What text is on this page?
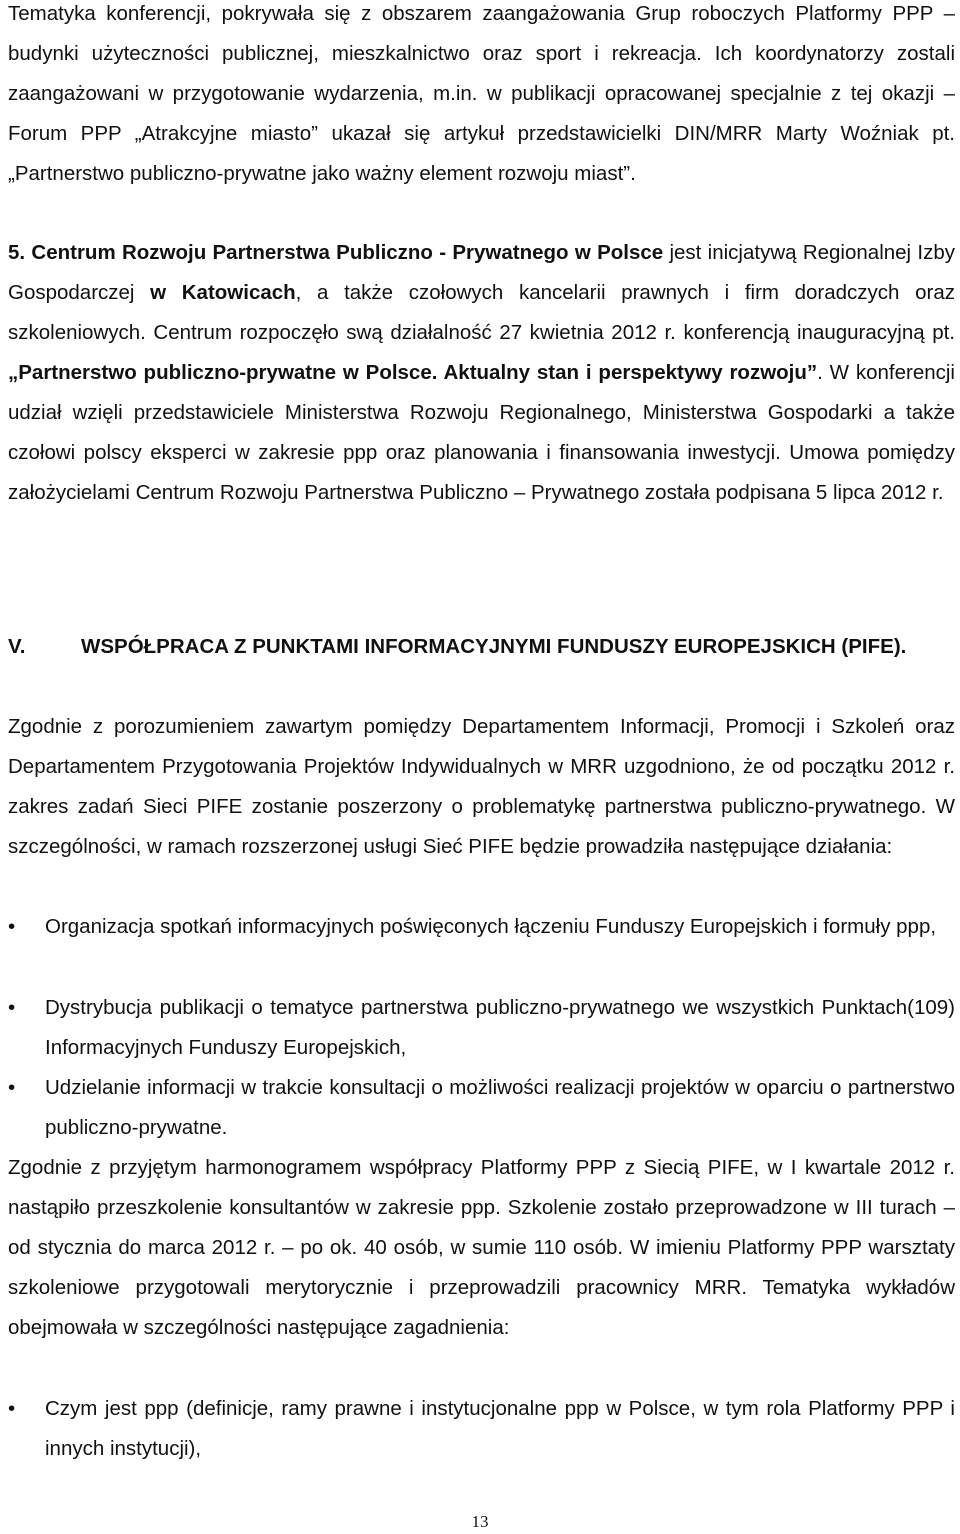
Tematyka konferencji, pokrywała się z obszarem zaangażowania Grup roboczych Platformy PPP – budynki użyteczności publicznej, mieszkalnictwo oraz sport i rekreacja. Ich koordynatorzy zostali zaangażowani w przygotowanie wydarzenia, m.in. w publikacji opracowanej specjalnie z tej okazji – Forum PPP „Atrakcyjne miasto” ukazał się artykuł przedstawicielki DIN/MRR Marty Woźniak pt. „Partnerstwo publiczno-prywatne jako ważny element rozwoju miast”.

5. Centrum Rozwoju Partnerstwa Publiczno - Prywatnego w Polsce jest inicjatywą Regionalnej Izby Gospodarczej w Katowicach, a także czołowych kancelarii prawnych i firm doradczych oraz szkoleniowych. Centrum rozpoczęło swą działalność 27 kwietnia 2012 r. konferencją inauguracyjną pt. „Partnerstwo publiczno-prywatne w Polsce. Aktualny stan i perspektywy rozwoju”. W konferencji udział wzięli przedstawiciele Ministerstwa Rozwoju Regionalnego, Ministerstwa Gospodarki a także czołowi polscy eksperci w zakresie ppp oraz planowania i finansowania inwestycji. Umowa pomiędzy założycielami Centrum Rozwoju Partnerstwa Publiczno – Prywatnego została podpisana 5 lipca 2012 r.

V.	WSPÓŁPRACA Z PUNKTAMI INFORMACYJNYMI FUNDUSZY EUROPEJSKICH (PIFE).

Zgodnie z porozumieniem zawartym pomiędzy Departamentem Informacji, Promocji i Szkoleń oraz Departamentem Przygotowania Projektów Indywidualnych w MRR uzgodniono, że od początku 2012 r. zakres zadań Sieci PIFE zostanie poszerzony o problematykę partnerstwa publiczno-prywatnego. W szczególności, w ramach rozszerzonej usługi Sieć PIFE będzie prowadziła następujące działania:

• Organizacja spotkań informacyjnych poświęconych łączeniu Funduszy Europejskich i formuły ppp,
• Dystrybucja publikacji o tematyce partnerstwa publiczno-prywatnego we wszystkich Punktach(109) Informacyjnych Funduszy Europejskich,
• Udzielanie informacji w trakcie konsultacji o możliwości realizacji projektów w oparciu o partnerstwo publiczno-prywatne.

Zgodnie z przyjętym harmonogramem współpracy Platformy PPP z Siecią PIFE, w I kwartale 2012 r. nastąpiło przeszkolenie konsultantów w zakresie ppp. Szkolenie zostało przeprowadzone w III turach – od stycznia do marca 2012 r. – po ok. 40 osób, w sumie 110 osób. W imieniu Platformy PPP warsztaty szkoleniowe przygotowali merytorycznie i przeprowadzili pracownicy MRR. Tematyka wykładów obejmowała w szczególności następujące zagadnienia:

• Czym jest ppp (definicje, ramy prawne i instytucjonalne ppp w Polsce, w tym rola Platformy PPP i innych instytucji),
13
